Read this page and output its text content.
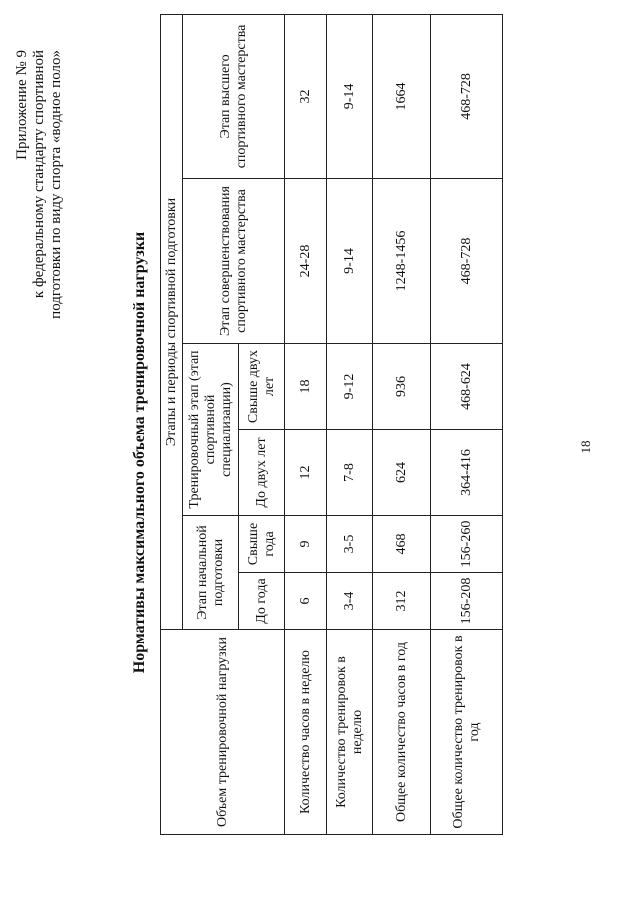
18
Приложение № 9 к федеральному стандарту спортивной подготовки по виду спорта «водное поло»
Нормативы максимального объема тренировочной нагрузки
Объем тренировочной нагрузки	Этапы и периоды спортивной подготовки					
	Этап начальной подготовки		Тренировочный этап (этап спортивной специализации)		Этап совершенствования спортивного мастерства	Этап высшего спортивного мастерства
	До года	Свыше года	До двух лет	Свыше двух лет		
Количество часов в неделю	6	9	12	18	24-28	32
Количество тренировок в неделю	3-4	3-5	7-8	9-12	9-14	9-14
Общее количество часов в год	312	468	624	936	1248-1456	1664
Общее количество тренировок в год	156-208	156-260	364-416	468-624	468-728	468-728
